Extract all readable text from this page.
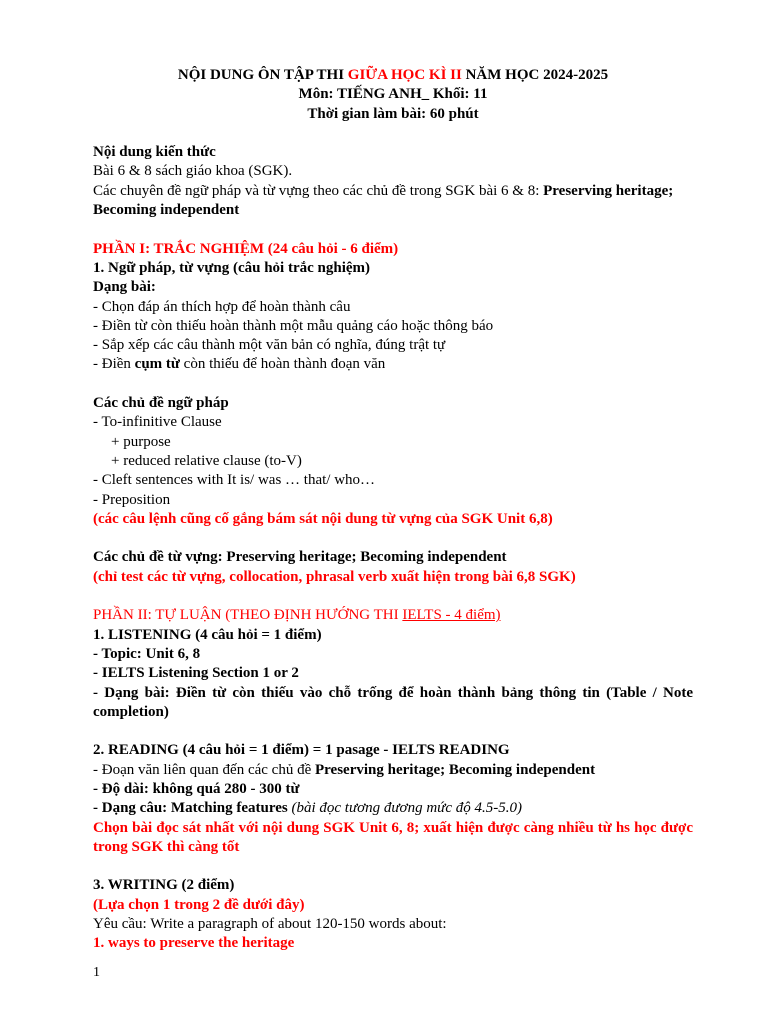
NỘI DUNG ÔN TẬP THI GIỮA HỌC KÌ II NĂM HỌC 2024-2025
Môn: TIẾNG ANH_ Khối: 11
Thời gian làm bài: 60 phút
Nội dung kiến thức
Bài 6 & 8 sách giáo khoa (SGK).
Các chuyên đề ngữ pháp và từ vựng theo các chủ đề trong SGK bài 6 & 8: Preserving heritage;
Becoming independent
PHẦN I: TRẮC NGHIỆM (24 câu hỏi - 6 điểm)
1. Ngữ pháp, từ vựng (câu hỏi trắc nghiệm)
Dạng bài:
- Chọn đáp án thích hợp để hoàn thành câu
- Điền từ còn thiếu hoàn thành một mẫu quảng cáo hoặc thông báo
- Sắp xếp các câu thành một văn bản có nghĩa, đúng trật tự
- Điền cụm từ còn thiếu để hoàn thành đoạn văn
Các chủ đề ngữ pháp
- To-infinitive Clause
+ purpose
+ reduced relative clause (to-V)
- Cleft sentences with It is/ was … that/ who…
- Preposition
(các câu lệnh cũng cố gắng bám sát nội dung từ vựng của SGK Unit 6,8)
Các chủ đề từ vựng: Preserving heritage; Becoming independent
(chỉ test các từ vựng, collocation, phrasal verb xuất hiện trong bài 6,8 SGK)
PHẦN II: TỰ LUẬN (THEO ĐỊNH HƯỚNG THI IELTS - 4 điểm)
1. LISTENING (4 câu hỏi = 1 điểm)
- Topic: Unit 6, 8
- IELTS Listening Section 1 or 2
- Dạng bài: Điền từ còn thiếu vào chỗ trống để hoàn thành bảng thông tin (Table / Note completion)
2. READING (4 câu hỏi = 1 điểm) = 1 pasage - IELTS READING
- Đoạn văn liên quan đến các chủ đề Preserving heritage; Becoming independent
- Độ dài: không quá 280 - 300 từ
- Dạng câu: Matching features (bài đọc tương đương mức độ 4.5-5.0)
Chọn bài đọc sát nhất với nội dung SGK Unit 6, 8; xuất hiện được càng nhiều từ hs học được trong SGK thì càng tốt
3. WRITING (2 điểm)
(Lựa chọn 1 trong 2 đề dưới đây)
Yêu cầu: Write a paragraph of about 120-150 words about:
1. ways to preserve the heritage
1
